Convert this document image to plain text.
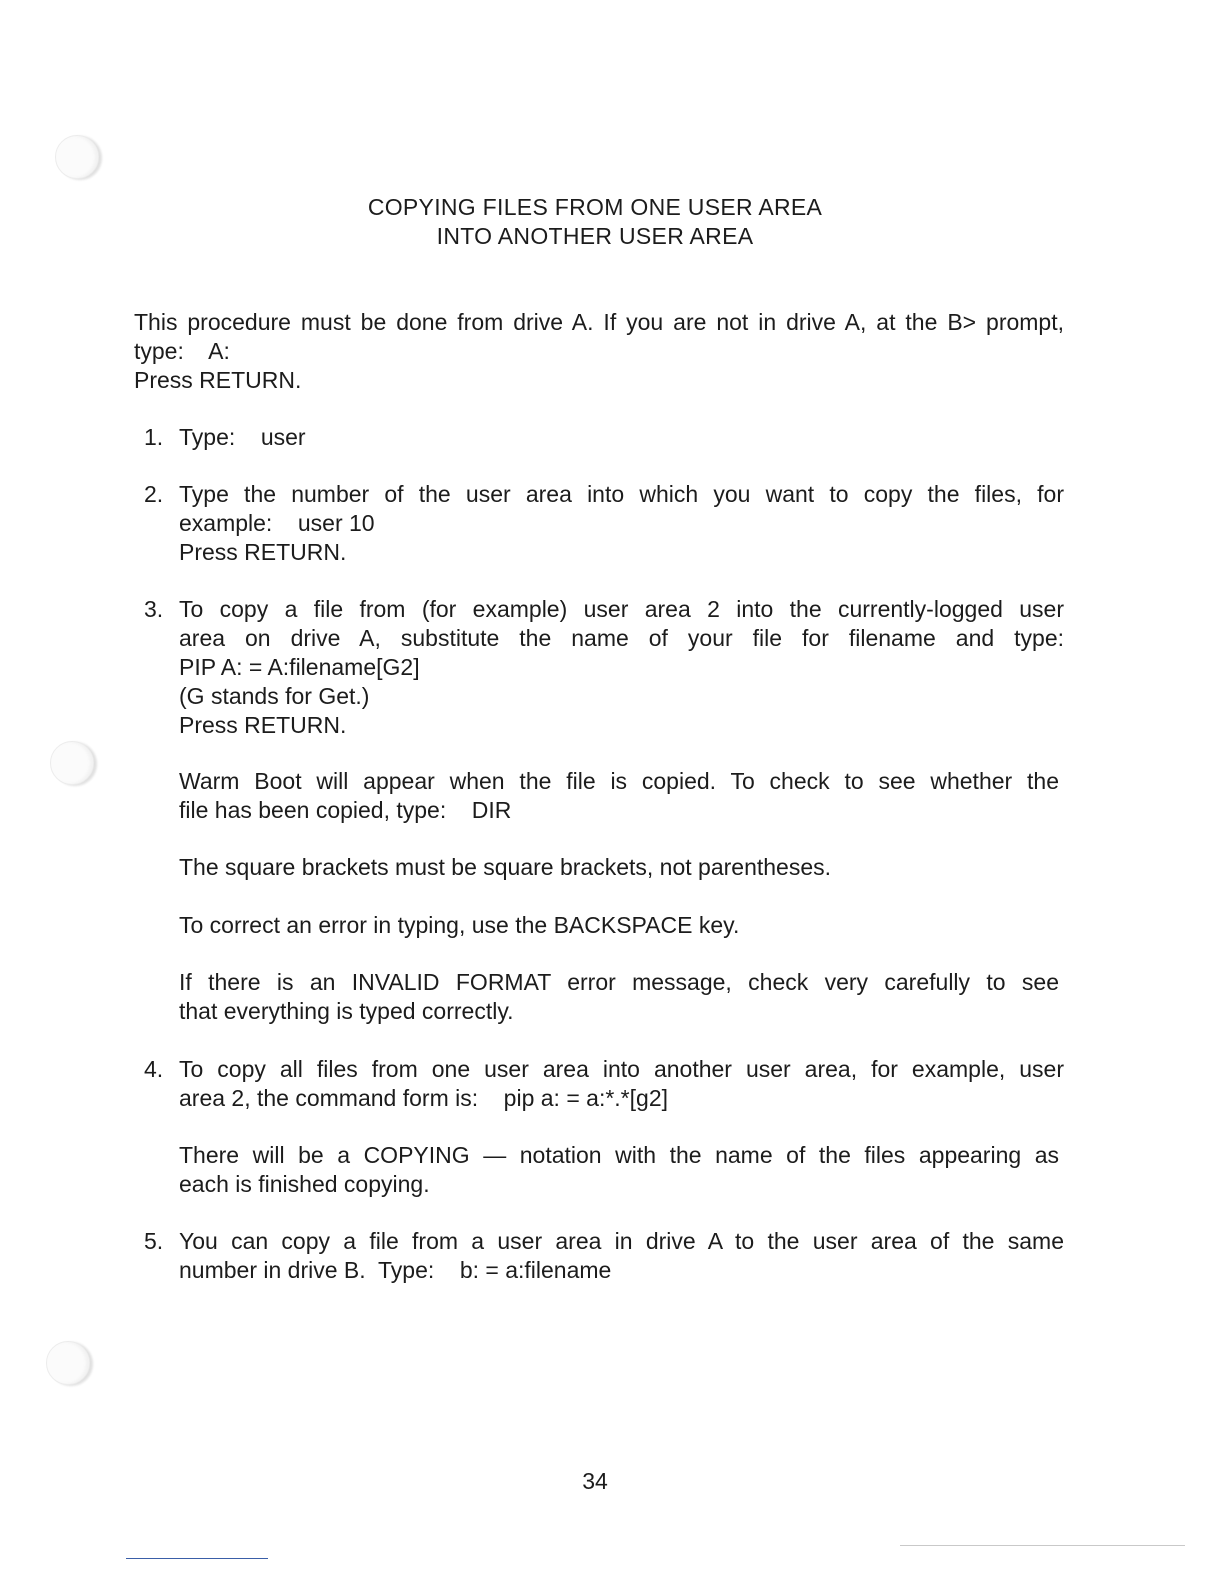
COPYING FILES FROM ONE USER AREA
INTO ANOTHER USER AREA
This procedure must be done from drive A. If you are not in drive A, at the B> prompt,
type:    A:
Press RETURN.
1. Type:    user
2. Type the number of the user area into which you want to copy the files, for
example:    user 10
Press RETURN.
3. To copy a file from (for example) user area 2 into the currently-logged user
area on drive A, substitute the name of your file for filename and type:
PIP A: = A:filename[G2]
(G stands for Get.)
Press RETURN.
Warm Boot will appear when the file is copied. To check to see whether the
file has been copied, type:    DIR
The square brackets must be square brackets, not parentheses.
To correct an error in typing, use the BACKSPACE key.
If there is an INVALID FORMAT error message, check very carefully to see
that everything is typed correctly.
4. To copy all files from one user area into another user area, for example, user
area 2, the command form is:    pip a: = a:*.*[g2]
There will be a COPYING — notation with the name of the files appearing as
each is finished copying.
5. You can copy a file from a user area in drive A to the user area of the same
number in drive B.  Type:    b: = a:filename
34
